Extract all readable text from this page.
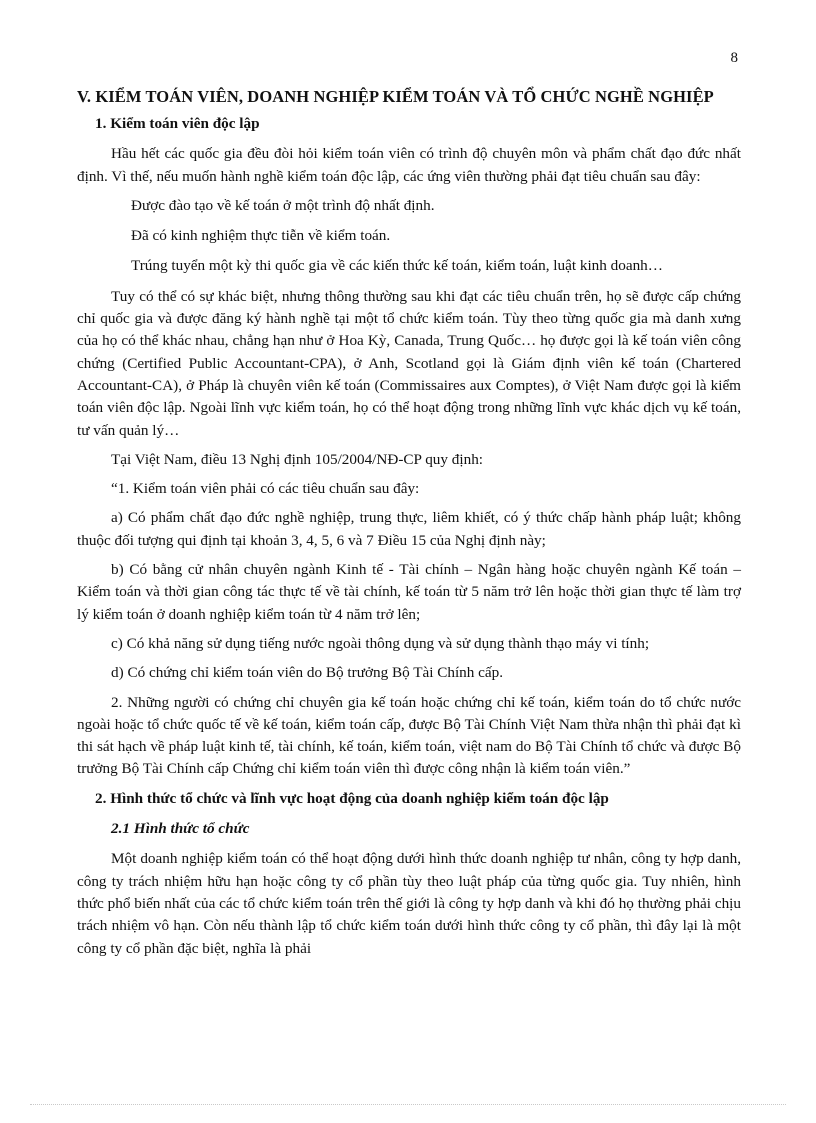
8
V. KIỂM TOÁN VIÊN, DOANH NGHIỆP KIỂM TOÁN VÀ TỔ CHỨC NGHỀ NGHIỆP
1. Kiểm toán viên độc lập

Hầu hết các quốc gia đều đòi hỏi kiểm toán viên có trình độ chuyên môn và phẩm chất đạo đức nhất định. Vì thế, nếu muốn hành nghề kiểm toán độc lập, các ứng viên thường phải đạt tiêu chuẩn sau đây:

Được đào tạo về kế toán ở một trình độ nhất định.

Đã có kinh nghiệm thực tiễn về kiểm toán.

Trúng tuyển một kỳ thi quốc gia về các kiến thức kế toán, kiểm toán, luật kinh doanh…

Tuy có thể có sự khác biệt, nhưng thông thường sau khi đạt các tiêu chuẩn trên, họ sẽ được cấp chứng chỉ quốc gia và được đăng ký hành nghề tại một tổ chức kiểm toán. Tùy theo từng quốc gia mà danh xưng của họ có thể khác nhau, chẳng hạn như ở Hoa Kỳ, Canada, Trung Quốc… họ được gọi là kế toán viên công chứng (Certified Public Accountant-CPA), ở Anh, Scotland gọi là Giám định viên kế toán (Chartered Accountant-CA), ở Pháp là chuyên viên kế toán (Commissaires aux Comptes), ở Việt Nam được gọi là kiểm toán viên độc lập. Ngoài lĩnh vực kiểm toán, họ có thể hoạt động trong những lĩnh vực khác dịch vụ kế toán, tư vấn quản lý…

Tại Việt Nam, điều 13 Nghị định 105/2004/NĐ-CP quy định:

“1. Kiểm toán viên phải có các tiêu chuẩn sau đây:

a) Có phẩm chất đạo đức nghề nghiệp, trung thực, liêm khiết, có ý thức chấp hành pháp luật; không thuộc đối tượng qui định tại khoản 3, 4, 5, 6 và 7 Điều 15 của Nghị định này;

b) Có bằng cử nhân chuyên ngành Kinh tế - Tài chính – Ngân hàng hoặc chuyên ngành Kế toán – Kiểm toán và thời gian công tác thực tế về tài chính, kế toán từ 5 năm trở lên hoặc thời gian thực tế làm trợ lý kiểm toán ở doanh nghiệp kiểm toán từ 4 năm trở lên;

c) Có khả năng sử dụng tiếng nước ngoài thông dụng và sử dụng thành thạo máy vi tính;

d) Có chứng chỉ kiểm toán viên do Bộ trưởng Bộ Tài Chính cấp.

2. Những người có chứng chỉ chuyên gia kế toán hoặc chứng chỉ kế toán, kiểm toán do tổ chức nước ngoài hoặc tổ chức quốc tế về kế toán, kiểm toán cấp, được Bộ Tài Chính Việt Nam thừa nhận thì phải đạt kì thi sát hạch về pháp luật kinh tế, tài chính, kế toán, kiểm toán, việt nam do Bộ Tài Chính tổ chức và được Bộ trưởng Bộ Tài Chính cấp Chứng chỉ kiểm toán viên thì được công nhận là kiểm toán viên.”

2. Hình thức tổ chức và lĩnh vực hoạt động của doanh nghiệp kiểm toán độc lập
2.1 Hình thức tổ chức

Một doanh nghiệp kiểm toán có thể hoạt động dưới hình thức doanh nghiệp tư nhân, công ty hợp danh, công ty trách nhiệm hữu hạn hoặc công ty cổ phần tùy theo luật pháp của từng quốc gia. Tuy nhiên, hình thức phổ biến nhất của các tổ chức kiểm toán trên thế giới là công ty hợp danh và khi đó họ thường phải chịu trách nhiệm vô hạn. Còn nếu thành lập tổ chức kiểm toán dưới hình thức công ty cổ phần, thì đây lại là một công ty cổ phần đặc biệt, nghĩa là phải
